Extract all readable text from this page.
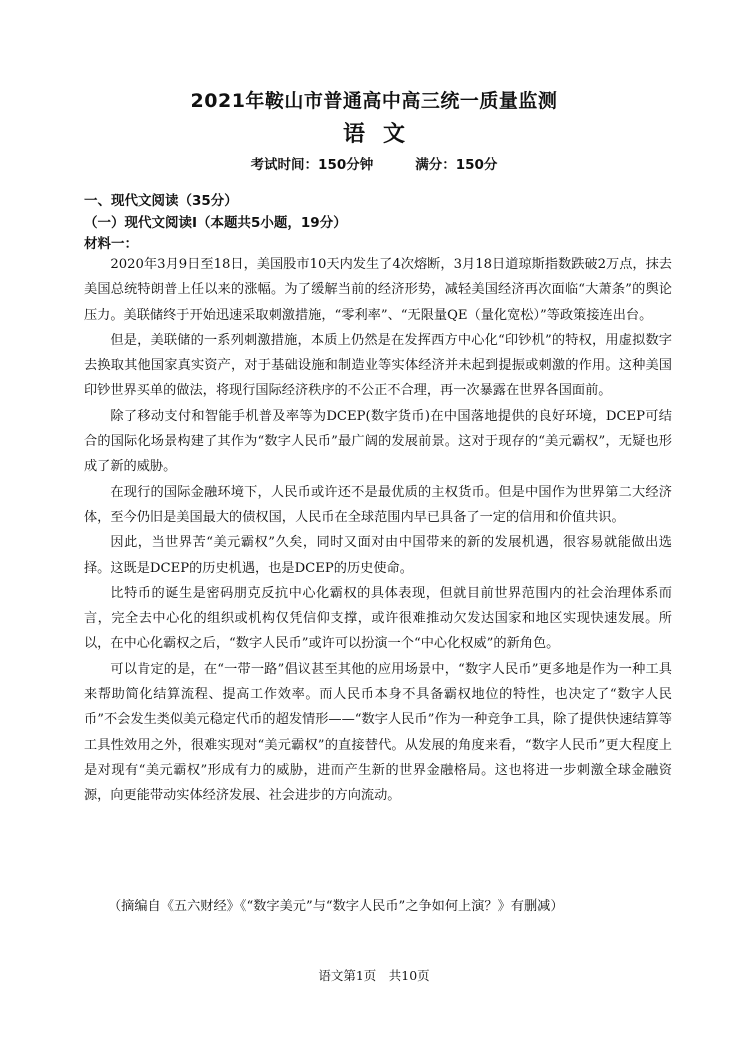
2021年鞍山市普通高中高三统一质量监测
语文
考试时间：150分钟	满分：150分
一、现代文阅读（35分）
（一）现代文阅读Ⅰ（本题共5小题，19分）
材料一：

2020年3月9日至18日，美国股市10天内发生了4次熔断，3月18日道琼斯指数跌破2万点，抹去美国总统特朗普上任以来的涨幅。为了缓解当前的经济形势，减轻美国经济再次面临“大萧条”的舆论压力。美联储终于开始迅速采取刺激措施，“零利率”、“无限量QE（量化宽松）”等政策接连出台。

但是，美联储的一系列刺激措施，本质上仍然是在发挥西方中心化“印钞机”的特权，用虚拟数字去换取其他国家真实资产，对于基础设施和制造业等实体经济并未起到提振或刺激的作用。这种美国印钞世界买单的做法，将现行国际经济秩序的不公正不合理，再一次暴露在世界各国面前。

除了移动支付和智能手机普及率等为DCEP(数字货币)在中国落地提供的良好环境，DCEP可结合的国际化场景构建了其作为“数字人民币”最广阔的发展前景。这对于现存的“美元霸权”，无疑也形成了新的威胁。

在现行的国际金融环境下，人民币或许还不是最优质的主权货币。但是中国作为世界第二大经济体，至今仍旧是美国最大的债权国，人民币在全球范围内早已具备了一定的信用和价值共识。

因此，当世界苦“美元霸权”久矣，同时又面对由中国带来的新的发展机遇，很容易就能做出选择。这既是DCEP的历史机遇，也是DCEP的历史使命。

比特币的诞生是密码朋克反抗中心化霸权的具体表现，但就目前世界范围内的社会治理体系而言，完全去中心化的组织或机构仅凭信仰支撑，或许很难推动欠发达国家和地区实现快速发展。所以，在中心化霸权之后，“数字人民币”或许可以扮演一个“中心化权威”的新角色。

可以肯定的是，在“一带一路”倡议甚至其他的应用场景中，“数字人民币”更多地是作为一种工具来帮助简化结算流程、提高工作效率。而人民币本身不具备霸权地位的特性，也决定了“数字人民币”不会发生类似美元稳定代币的超发情形——“数字人民币”作为一种竞争工具，除了提供快速结算等工具性效用之外，很难实现对“美元霸权”的直接替代。从发展的角度来看，“数字人民币”更大程度上是对现有“美元霸权”形成有力的威胁，进而产生新的世界金融格局。这也将进一步刺激全球金融资源，向更能带动实体经济发展、社会进步的方向流动。

（摘编自《五六财经》《“数字美元”与“数字人民币”之争如何上演？》有删减）
语文第1页　共10页
